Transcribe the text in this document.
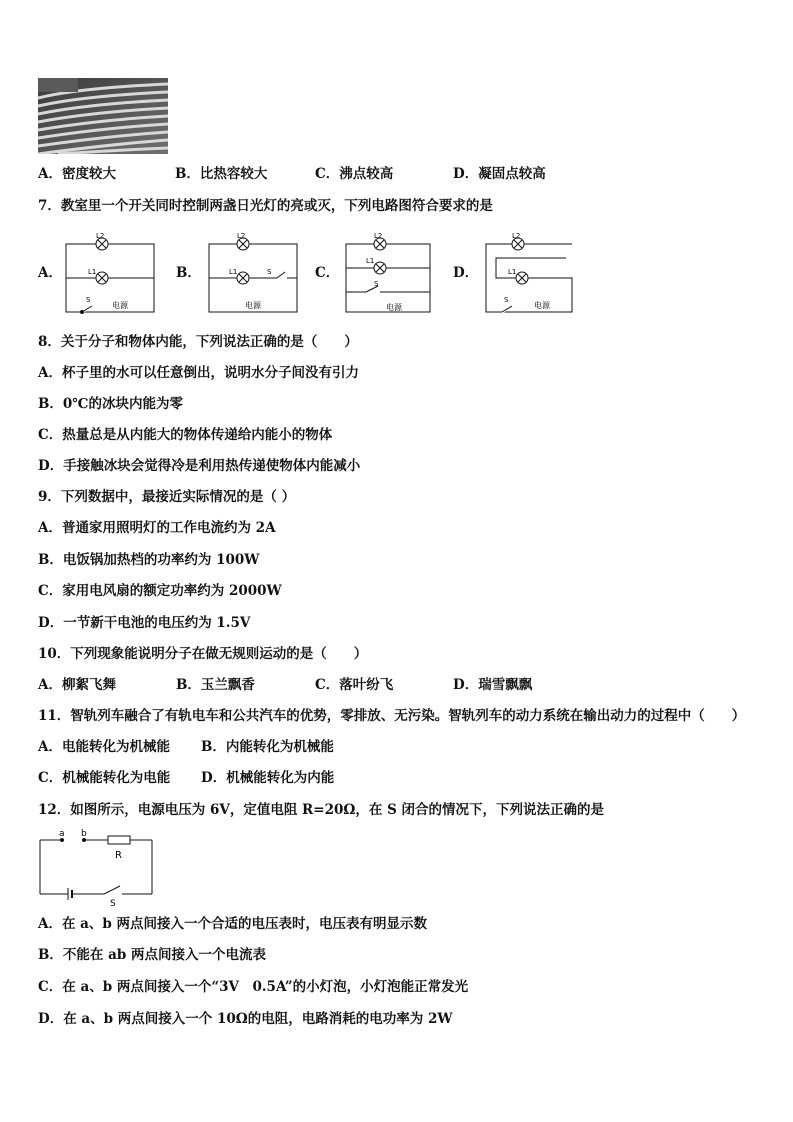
A．密度较大	B．比热容较大	C．沸点较高	D．凝固点较高
7．教室里一个开关同时控制两盏日光灯的亮或灭，下列电路图符合要求的是
A．	B．	C．	D．
L2
L1
S
电源
L2
L1	S
电源
L2
L1
S
电源
L2
L1
S
电源
8．关于分子和物体内能，下列说法正确的是（　　）
A．杯子里的水可以任意倒出，说明水分子间没有引力
B．0℃的冰块内能为零
C．热量总是从内能大的物体传递给内能小的物体
D．手接触冰块会觉得冷是利用热传递使物体内能减小
9．下列数据中，最接近实际情况的是（ ）
A．普通家用照明灯的工作电流约为 2A
B．电饭锅加热档的功率约为 100W
C．家用电风扇的额定功率约为 2000W
D．一节新干电池的电压约为 1.5V
10．下列现象能说明分子在做无规则运动的是（　　）
A．柳絮飞舞	B．玉兰飘香	C．落叶纷飞	D．瑞雪飘飘
11．智轨列车融合了有轨电车和公共汽车的优势，零排放、无污染。智轨列车的动力系统在输出动力的过程中（　　）
A．电能转化为机械能 B．内能转化为机械能
C．机械能转化为电能 D．机械能转化为内能
12．如图所示，电源电压为 6V，定值电阻 R=20Ω，在 S 闭合的情况下，下列说法正确的是
a b
R
S
A．在 a、b 两点间接入一个合适的电压表时，电压表有明显示数
B．不能在 ab 两点间接入一个电流表
C．在 a、b 两点间接入一个“3V　0.5A”的小灯泡，小灯泡能正常发光
D．在 a、b 两点间接入一个 10Ω的电阻，电路消耗的电功率为 2W
